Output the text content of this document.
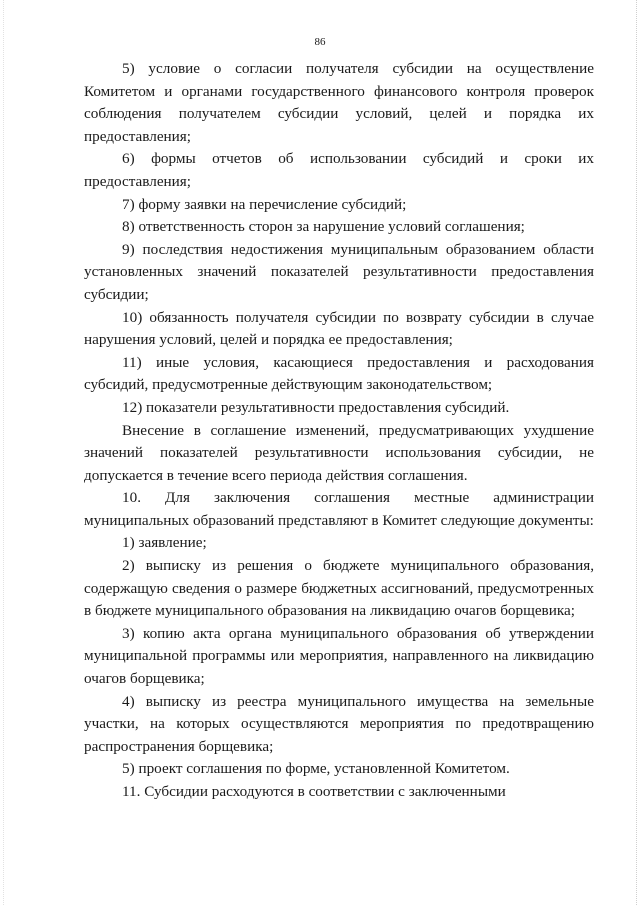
86

5) условие о согласии получателя субсидии на осуществление Комитетом и органами государственного финансового контроля проверок соблюдения получателем субсидии условий, целей и порядка их предоставления;

6) формы отчетов об использовании субсидий и сроки их предоставления;

7) форму заявки на перечисление субсидий;

8) ответственность сторон за нарушение условий соглашения;

9) последствия недостижения муниципальным образованием области установленных значений показателей результативности предоставления субсидии;

10) обязанность получателя субсидии по возврату субсидии в случае нарушения условий, целей и порядка ее предоставления;

11) иные условия, касающиеся предоставления и расходования субсидий, предусмотренные действующим законодательством;

12) показатели результативности предоставления субсидий.

Внесение в соглашение изменений, предусматривающих ухудшение значений показателей результативности использования субсидии, не допускается в течение всего периода действия соглашения.

10. Для заключения соглашения местные администрации муниципальных образований представляют в Комитет следующие документы:

1) заявление;

2) выписку из решения о бюджете муниципального образования, содержащую сведения о размере бюджетных ассигнований, предусмотренных в бюджете муниципального образования на ликвидацию очагов борщевика;

3) копию акта органа муниципального образования об утверждении муниципальной программы или мероприятия, направленного на ликвидацию очагов борщевика;

4) выписку из реестра муниципального имущества на земельные участки, на которых осуществляются мероприятия по предотвращению распространения борщевика;

5) проект соглашения по форме, установленной Комитетом.

11. Субсидии расходуются в соответствии с заключенными
